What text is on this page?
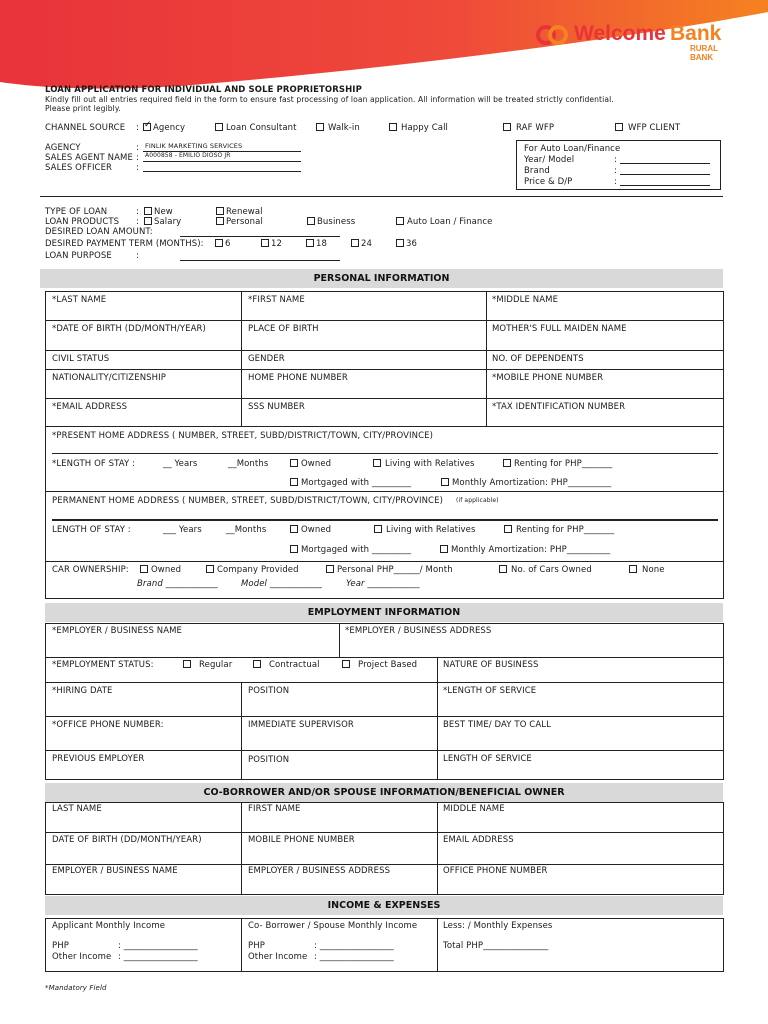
Welcome Bank
RURAL BANK
LOAN APPLICATION FOR INDIVIDUAL AND SOLE PROPRIETORSHIP
Kindly fill out all entries required field in the form to ensure fast processing of loan application. All information will be treated strictly confidential.
Please print legibly.
CHANNEL SOURCE :
✓ Agency	Loan Consultant	Walk-in	Happy Call	RAF WFP	WFP CLIENT
AGENCY
SALES AGENT NAME
SALES OFFICER
:
:
:
FINLIK MARKETING SERVICES
A000858 - EMILIO DIOSO JR
For Auto Loan/Finance
Year/ Model
Brand
Price & D/P
:
:
:
TYPE OF LOAN	: New	Renewal
LOAN PRODUCTS : Salary	Personal	Business	Auto Loan / Finance
DESIRED LOAN AMOUNT:
DESIRED PAYMENT TERM (MONTHS):	6	12	18	24	36
LOAN PURPOSE	:
PERSONAL INFORMATION
*LAST NAME	*FIRST NAME	*MIDDLE NAME
*DATE OF BIRTH (DD/MONTH/YEAR)	PLACE OF BIRTH	MOTHER'S FULL MAIDEN NAME
CIVIL STATUS	GENDER	NO. OF DEPENDENTS
NATIONALITY/CITIZENSHIP	HOME PHONE NUMBER	*MOBILE PHONE NUMBER
*EMAIL ADDRESS	SSS NUMBER	*TAX IDENTIFICATION NUMBER
*PRESENT HOME ADDRESS ( NUMBER, STREET, SUBD/DISTRICT/TOWN, CITY/PROVINCE)
*LENGTH OF STAY :	__ Years	__Months	Owned	Living with Relatives	Renting for PHP_______
Mortgaged with _________	Monthly Amortization: PHP__________
PERMANENT HOME ADDRESS ( NUMBER, STREET, SUBD/DISTRICT/TOWN, CITY/PROVINCE) (if applicable)
LENGTH OF STAY :	___ Years	__Months	Owned	Living with Relatives	Renting for PHP_______
Mortgaged with _________	Monthly Amortization: PHP__________
CAR OWNERSHIP:	Owned	Company Provided	Personal PHP______/ Month	No. of Cars Owned	None
Brand ____________	Model ____________	Year ____________
EMPLOYMENT INFORMATION
*EMPLOYER / BUSINESS NAME	*EMPLOYER / BUSINESS ADDRESS
*EMPLOYMENT STATUS:	Regular	Contractual	Project Based	NATURE OF BUSINESS
*HIRING DATE	POSITION	*LENGTH OF SERVICE
*OFFICE PHONE NUMBER:	IMMEDIATE SUPERVISOR	BEST TIME/ DAY TO CALL
PREVIOUS EMPLOYER	POSITION	LENGTH OF SERVICE
CO-BORROWER AND/OR SPOUSE INFORMATION/BENEFICIAL OWNER
LAST NAME	FIRST NAME	MIDDLE NAME
DATE OF BIRTH (DD/MONTH/YEAR)	MOBILE PHONE NUMBER	EMAIL ADDRESS
EMPLOYER / BUSINESS NAME	EMPLOYER / BUSINESS ADDRESS	OFFICE PHONE NUMBER
INCOME & EXPENSES
Applicant Monthly Income
PHP	: _________________
Other Income : _________________
Co- Borrower / Spouse Monthly Income
PHP	: _________________
Other Income : _________________
Less: / Monthly Expenses
Total PHP_______________
*Mandatory Field
